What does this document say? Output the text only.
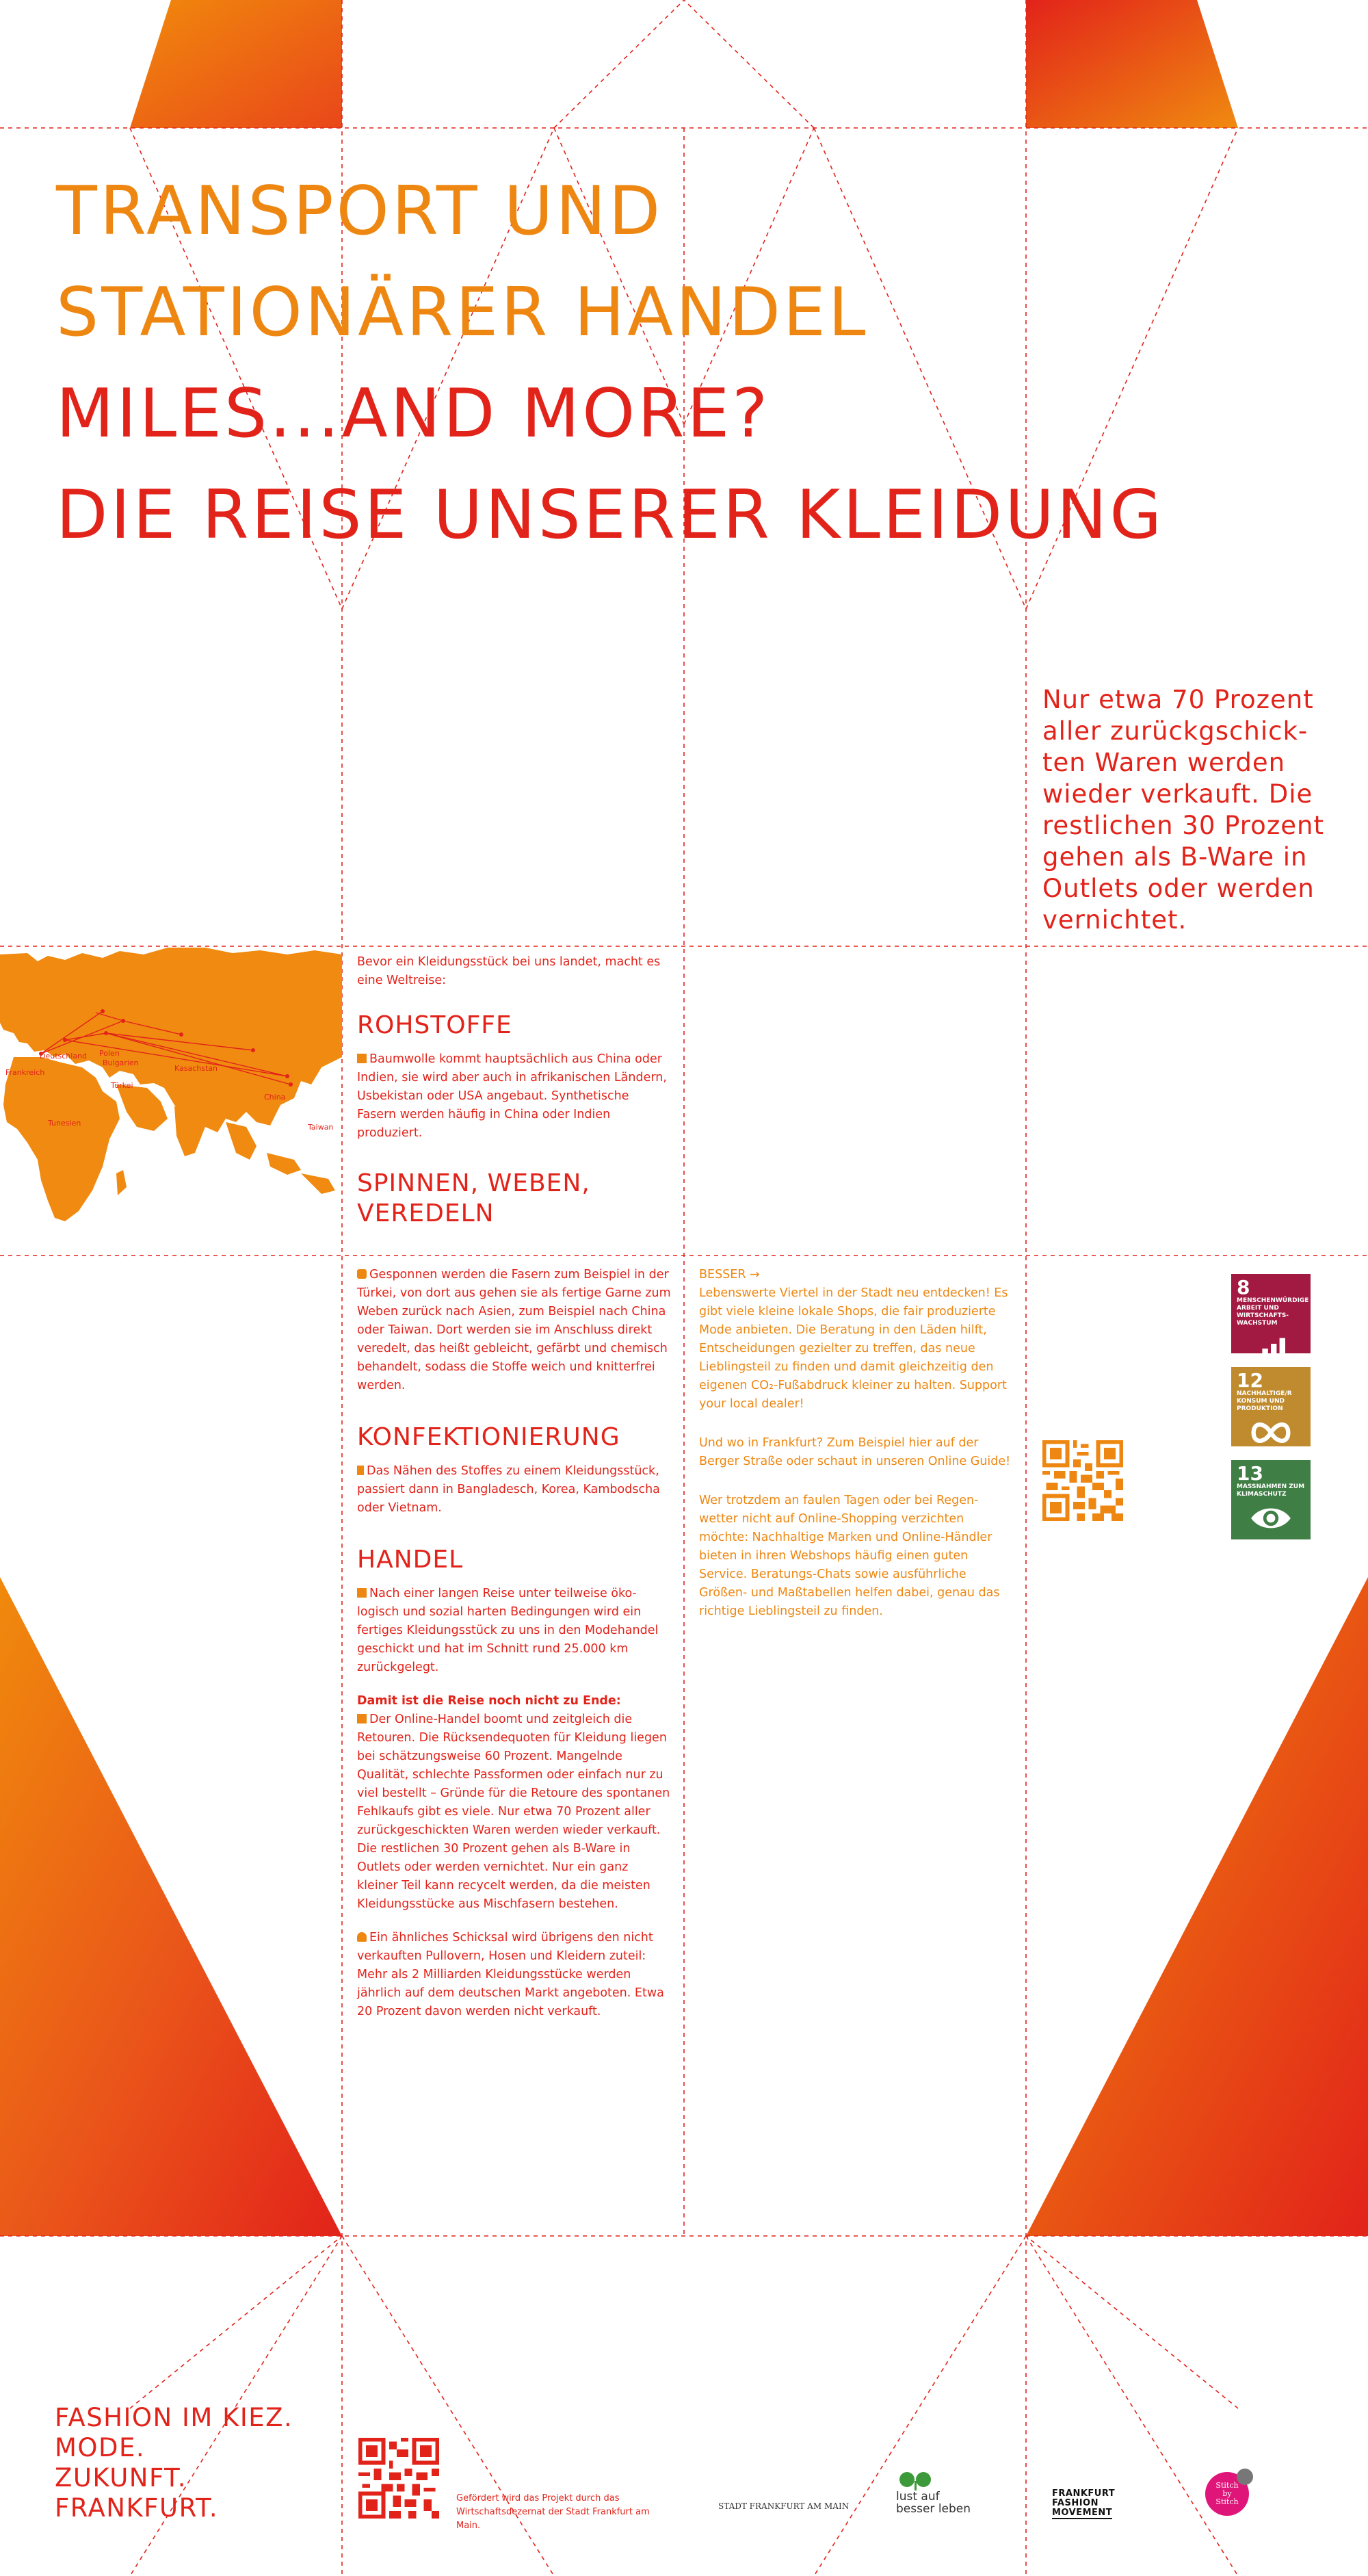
TRANSPORT UND
STATIONÄRER HANDEL
MILES...AND MORE?
DIE REISE UNSERER KLEIDUNG
Nur etwa 70 Prozent aller zurückgschick-ten Waren werden wieder verkauft. Die restlichen 30 Prozent gehen als B-Ware in Outlets oder werden vernichtet.
Frankreich
Deutschland Polen
Bulgarien
Kasachstan
Türkei
China
Tunesien	Taiwan

Bevor ein Kleidungsstück bei uns landet, macht es eine Weltreise:

ROHSTOFFE

Baumwolle kommt hauptsächlich aus China oder Indien, sie wird aber auch in afrikanischen Ländern, Usbekistan oder USA angebaut. Synthetische Fasern werden häufig in China oder Indien produziert.

SPINNEN, WEBEN, VEREDELN

Gesponnen werden die Fasern zum Beispiel in der Türkei, von dort aus gehen sie als fertige Garne zum Weben zurück nach Asien, zum Beispiel nach China oder Taiwan. Dort werden sie im Anschluss direkt veredelt, das heißt gebleicht, gefärbt und chemisch behandelt, sodass die Stoffe weich und knitterfrei werden.

KONFEKTIONIERUNG

Das Nähen des Stoffes zu einem Kleidungsstück, passiert dann in Bangladesch, Korea, Kambodscha oder Vietnam.

HANDEL

Nach einer langen Reise unter teilweise öko-logisch und sozial harten Bedingungen wird ein fertiges Kleidungsstück zu uns in den Modehandel geschickt und hat im Schnitt rund 25.000 km zurückgelegt.

Damit ist die Reise noch nicht zu Ende:

Der Online-Handel boomt und zeitgleich die Retouren. Die Rücksendequoten für Kleidung liegen bei schätzungsweise 60 Prozent. Mangelnde Qualität, schlechte Passformen oder einfach nur zu viel bestellt – Gründe für die Retoure des spontanen Fehlkaufs gibt es viele. Nur etwa 70 Prozent aller zurückgeschickten Waren werden wieder verkauft. Die restlichen 30 Prozent gehen als B-Ware in Outlets oder werden vernichtet. Nur ein ganz kleiner Teil kann recycelt werden, da die meisten Kleidungsstücke aus Mischfasern bestehen.

Ein ähnliches Schicksal wird übrigens den nicht verkauften Pullovern, Hosen und Kleidern zuteil: Mehr als 2 Milliarden Kleidungsstücke werden jährlich auf dem deutschen Markt angeboten. Etwa 20 Prozent davon werden nicht verkauft.

BESSER →

Lebenswerte Viertel in der Stadt neu entdecken! Es gibt viele kleine lokale Shops, die fair produzierte Mode anbieten. Die Beratung in den Läden hilft, Entscheidungen gezielter zu treffen, das neue Lieblingsteil zu finden und damit gleichzeitig den eigenen CO₂-Fußabdruck kleiner zu halten. Support your local dealer!

Und wo in Frankfurt? Zum Beispiel hier auf der Berger Straße oder schaut in unseren Online Guide!

Wer trotzdem an faulen Tagen oder bei Regen-wetter nicht auf Online-Shopping verzichten möchte: Nachhaltige Marken und Online-Händler bieten in ihren Webshops häufig einen guten Service. Beratungs-Chats sowie ausführliche Größen- und Maßtabellen helfen dabei, genau das richtige Lieblingsteil zu finden.

8
MENSCHENWÜRDIGE ARBEIT UND WIRTSCHAFTS-WACHSTUM
12
NACHHALTIGE/R KONSUM UND PRODUKTION
13
MASSNAHMEN ZUM KLIMASCHUTZ
FASHION IM KIEZ.
MODE.
ZUKUNFT.
FRANKFURT.	Gefördert wird das Projekt durch das Wirtschaftsdezernat der Stadt Frankfurt am Main.
STADT FRANKFURT AM MAIN
lust auf
besser leben
FRANKFURT
FASHION
MOVEMENT
Stitch by Stitch
